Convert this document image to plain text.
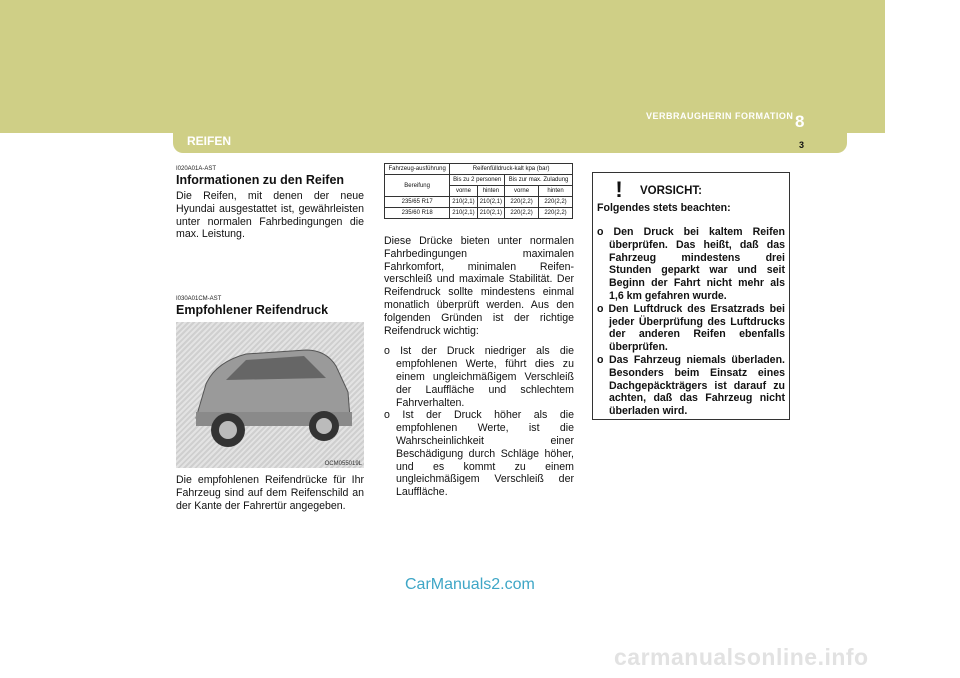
VERBRAUGHERIN FORMATION 8
3
REIFEN
I020A01A-AST
Informationen zu den Reifen

Die Reifen, mit denen der neue Hyundai ausgestattet ist, gewährleisten unter normalen Fahrbedingungen die max. Leistung.

I030A01CM-AST
Empfohlener Reifendruck
OCM055019L

Die empfohlenen Reifendrücke für Ihr Fahrzeug sind auf dem Reifenschild an der Kante der Fahrertür angegeben.

Fahrzeug-ausführung	Reifenfülldruck-kalt kpa (bar)			
Bereifung	Bis zu 2 personen		Bis zur max. Zuladung	
	vorne	hinten	vorne	hinten
235/65 R17	210(2,1)	210(2,1)	220(2,2)	220(2,2)
235/60 R18	210(2,1)	210(2,1)	220(2,2)	220(2,2)

Diese Drücke bieten unter normalen Fahrbedingungen maximalen Fahrkomfort, minimalen Reifen-verschleiß und maximale Stabilität. Der Reifendruck sollte mindestens einmal monatlich überprüft werden. Aus den folgenden Gründen ist der richtige Reifendruck wichtig:

o Ist der Druck niedriger als die empfohlenen Werte, führt dies zu einem ungleichmäßigem Verschleiß der Lauffläche und schlechtem Fahrverhalten.
o Ist der Druck höher als die empfohlenen Werte, ist die Wahrscheinlichkeit einer Beschädigung durch Schläge höher, und es kommt zu einem ungleichmäßigem Verschleiß der Lauffläche.
! VORSICHT:
Folgendes stets beachten:
o Den Druck bei kaltem Reifen überprüfen. Das heißt, daß das Fahrzeug mindestens drei Stunden geparkt war und seit Beginn der Fahrt nicht mehr als 1,6 km gefahren wurde.
o Den Luftdruck des Ersatzrads bei jeder Überprüfung des Luftdrucks der anderen Reifen ebenfalls überprüfen.
o Das Fahrzeug niemals überladen. Besonders beim Einsatz eines Dachgepäckträgers ist darauf zu achten, daß das Fahrzeug nicht überladen wird.
CarManuals2.com
carmanualsonline.info
